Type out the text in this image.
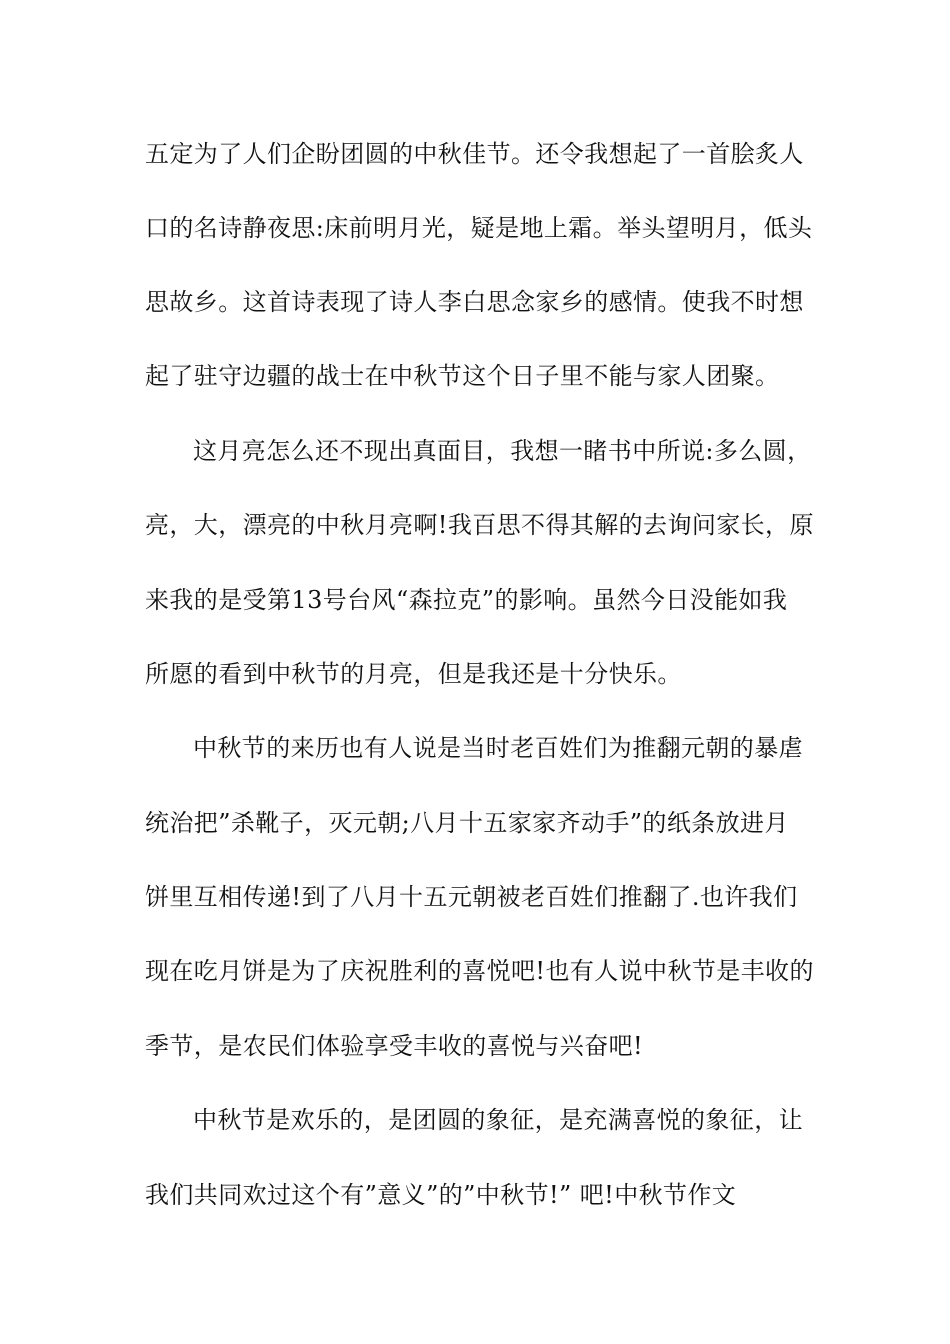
五定为了人们企盼团圆的中秋佳节。还令我想起了一首脍炙人
口的名诗静夜思:床前明月光，疑是地上霜。举头望明月，低头
思故乡。这首诗表现了诗人李白思念家乡的感情。使我不时想
起了驻守边疆的战士在中秋节这个日子里不能与家人团聚。
这月亮怎么还不现出真面目，我想一睹书中所说:多么圆，
亮，大，漂亮的中秋月亮啊!我百思不得其解的去询问家长，原
来我的是受第13号台风“森拉克”的影响。虽然今日没能如我
所愿的看到中秋节的月亮，但是我还是十分快乐。
中秋节的来历也有人说是当时老百姓们为推翻元朝的暴虐
统治把”杀靴子，灭元朝;八月十五家家齐动手”的纸条放进月
饼里互相传递!到了八月十五元朝被老百姓们推翻了.也许我们
现在吃月饼是为了庆祝胜利的喜悦吧!也有人说中秋节是丰收的
季节，是农民们体验享受丰收的喜悦与兴奋吧!
中秋节是欢乐的，是团圆的象征，是充满喜悦的象征，让
我们共同欢过这个有”意义”的”中秋节!” 吧!中秋节作文
